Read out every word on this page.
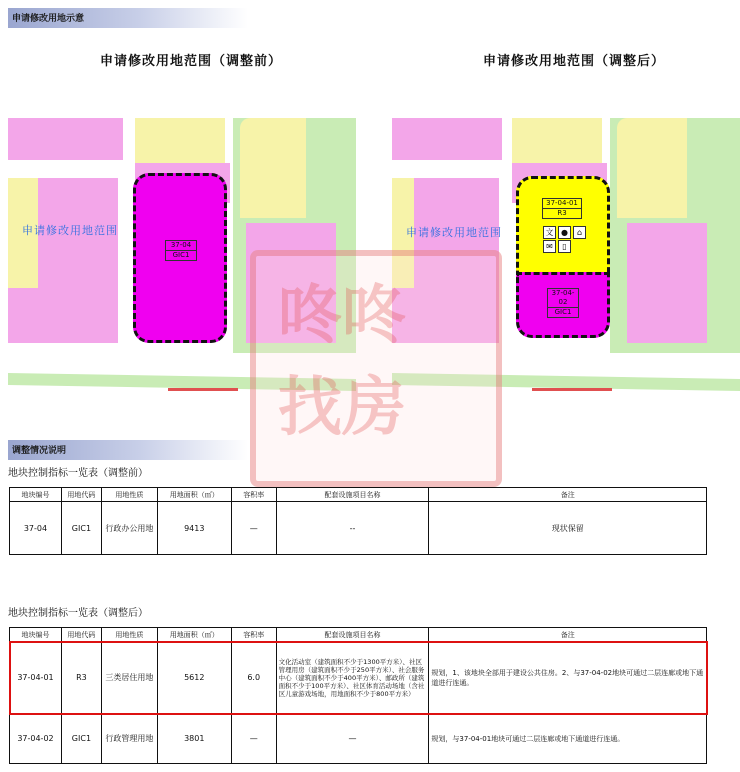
申请修改用地示意
申请修改用地范围（调整前）	申请修改用地范围（调整后）
37-04
GIC1
申请修改用地范围
37-04-01
R3
文 ●	⌂
✉	▯
37-04-02
GIC1
申请修改用地范围
咚咚
找房
调整情况说明
地块控制指标一览表（调整前）
地块编号	用地代码	用地性质	用地面积（㎡）	容积率	配套设施项目名称	备注
37-04	GIC1	行政办公用地	9413	—	--	现状保留
地块控制指标一览表（调整后）
地块编号	用地代码	用地性质	用地面积（㎡）	容积率	配套设施项目名称	备注
37-04-01	R3	三类居住用地	5612	6.0	文化活动室（建筑面积不少于1300平方米）、社区管理用房（建筑面积不少于250平方米）、社会服务中心（建筑面积不少于400平方米）、邮政所（建筑面积不少于100平方米）、社区体育活动场地（含社区儿童游戏场地，用地面积不少于800平方米）	规划，1、该地块全部用于建设公共住房。2、与37-04-02地块可通过二层连廊或地下通道进行连通。
37-04-02	GIC1	行政管理用地	3801	—	—	规划，与37-04-01地块可通过二层连廊或地下通道进行连通。
